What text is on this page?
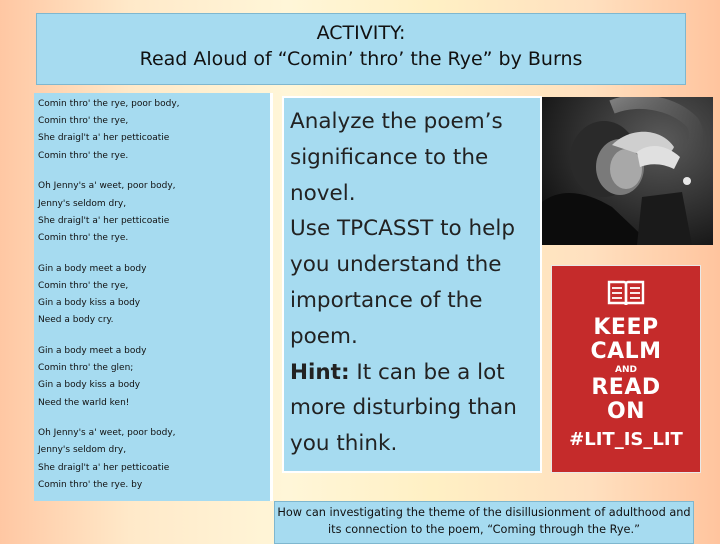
ACTIVITY:
Read Aloud of “Comin’ thro’ the Rye” by Burns
Comin thro' the rye, poor body,
Comin thro' the rye,
She draigl't a' her petticoatie
Comin thro' the rye.
Oh Jenny's a' weet, poor body,
Jenny's seldom dry,
She draigl't a' her petticoatie
Comin thro' the rye.
Gin a body meet a body
Comin thro' the rye,
Gin a body kiss a body
Need a body cry.
Gin a body meet a body
Comin thro' the glen;
Gin a body kiss a body
Need the warld ken!
Oh Jenny's a' weet, poor body,
Jenny's seldom dry,
She draigl't a' her petticoatie
Comin thro' the rye. by
Analyze the poem’s significance to the novel.
Use TPCASST to help you understand the importance of the poem.
Hint: It can be a lot more disturbing than you think.
KEEP
CALM
AND
READ
ON
#LIT_IS_LIT
How can investigating the theme of the disillusionment of adulthood and its connection to the poem, “Coming through the Rye.”
